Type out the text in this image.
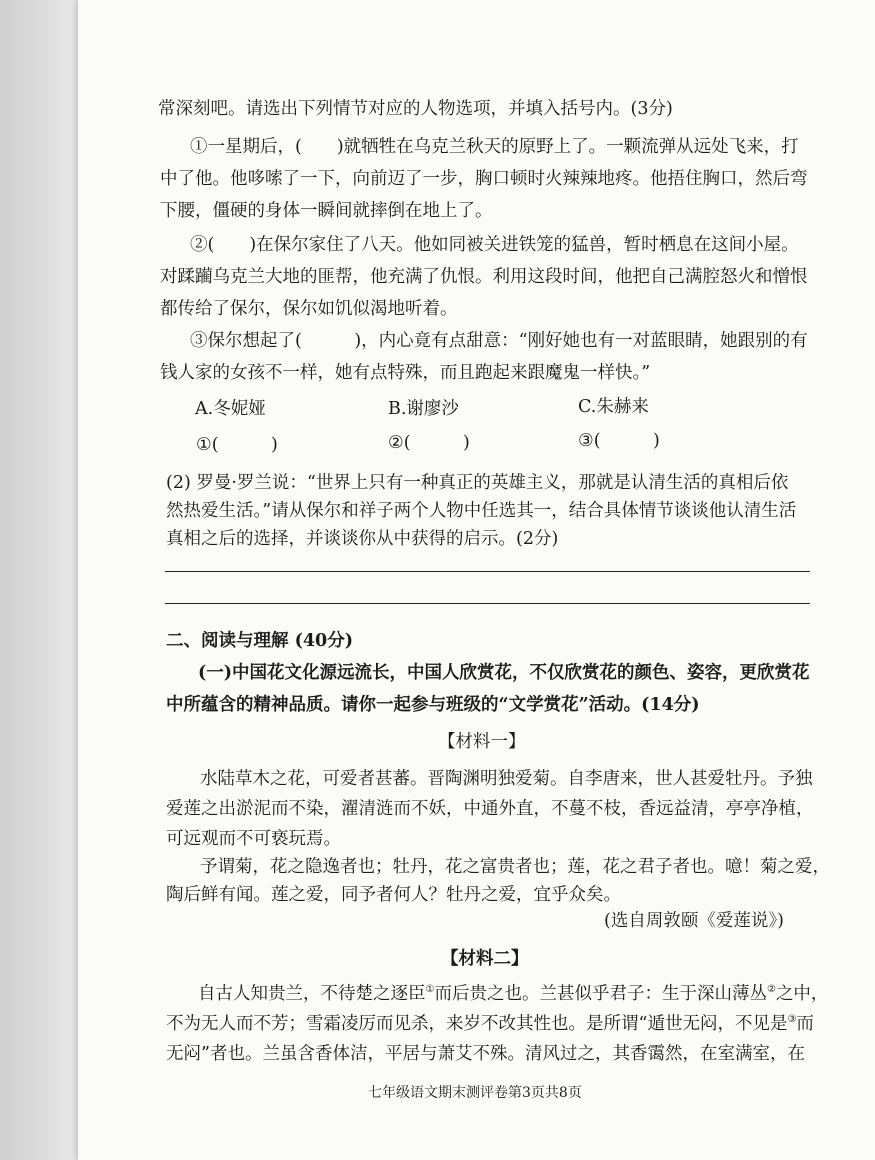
常深刻吧。请选出下列情节对应的人物选项，并填入括号内。(3分)
①一星期后，(　　)就牺牲在乌克兰秋天的原野上了。一颗流弹从远处飞来，打
中了他。他哆嗦了一下，向前迈了一步，胸口顿时火辣辣地疼。他捂住胸口，然后弯
下腰，僵硬的身体一瞬间就摔倒在地上了。
②(　　)在保尔家住了八天。他如同被关进铁笼的猛兽，暂时栖息在这间小屋。
对蹂躏乌克兰大地的匪帮，他充满了仇恨。利用这段时间，他把自己满腔怒火和憎恨
都传给了保尔，保尔如饥似渴地听着。
③保尔想起了(　　　)，内心竟有点甜意：“刚好她也有一对蓝眼睛，她跟别的有
钱人家的女孩不一样，她有点特殊，而且跑起来跟魔鬼一样快。”
A.冬妮娅	B.谢廖沙	C.朱赫来
①(　　　)	②(　　　)	③(　　　)
(2) 罗曼·罗兰说：“世界上只有一种真正的英雄主义，那就是认清生活的真相后依
然热爱生活。”请从保尔和祥子两个人物中任选其一，结合具体情节谈谈他认清生活
真相之后的选择，并谈谈你从中获得的启示。(2分)
二、阅读与理解 (40分)
(一)中国花文化源远流长，中国人欣赏花，不仅欣赏花的颜色、姿容，更欣赏花
中所蕴含的精神品质。请你一起参与班级的“文学赏花”活动。(14分)
【材料一】
水陆草木之花，可爱者甚蕃。晋陶渊明独爱菊。自李唐来，世人甚爱牡丹。予独
爱莲之出淤泥而不染，濯清涟而不妖，中通外直，不蔓不枝，香远益清，亭亭净植，
可远观而不可亵玩焉。
予谓菊，花之隐逸者也；牡丹，花之富贵者也；莲，花之君子者也。噫！菊之爱，
陶后鲜有闻。莲之爱，同予者何人？牡丹之爱，宜乎众矣。
(选自周敦颐《爱莲说》)
【材料二】
自古人知贵兰，不待楚之逐臣①而后贵之也。兰甚似乎君子：生于深山薄丛②之中，
不为无人而不芳；雪霜凌厉而见杀，来岁不改其性也。是所谓“遁世无闷，不见是③而
无闷”者也。兰虽含香体洁，平居与萧艾不殊。清风过之，其香霭然，在室满室，在
七年级语文期末测评卷第3页共8页
